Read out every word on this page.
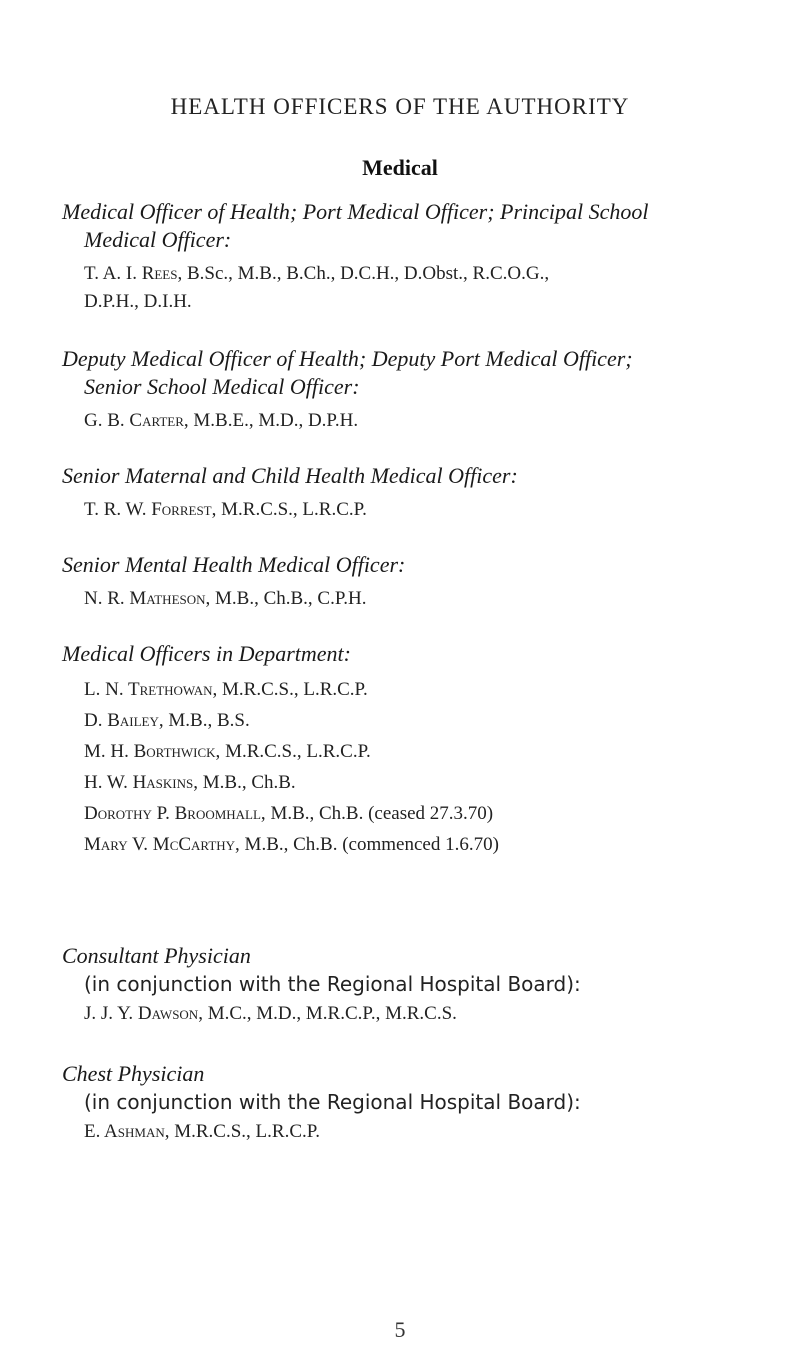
HEALTH OFFICERS OF THE AUTHORITY
Medical
Medical Officer of Health; Port Medical Officer; Principal School
Medical Officer:
T. A. I. Rees, B.Sc., M.B., B.Ch., D.C.H., D.Obst., R.C.O.G.,
D.P.H., D.I.H.
Deputy Medical Officer of Health; Deputy Port Medical Officer;
Senior School Medical Officer:
G. B. Carter, M.B.E., M.D., D.P.H.
Senior Maternal and Child Health Medical Officer:
T. R. W. Forrest, M.R.C.S., L.R.C.P.
Senior Mental Health Medical Officer:
N. R. Matheson, M.B., Ch.B., C.P.H.
Medical Officers in Department:
L. N. Trethowan, M.R.C.S., L.R.C.P.
D. Bailey, M.B., B.S.
M. H. Borthwick, M.R.C.S., L.R.C.P.
H. W. Haskins, M.B., Ch.B.
Dorothy P. Broomhall, M.B., Ch.B. (ceased 27.3.70)
Mary V. McCarthy, M.B., Ch.B. (commenced 1.6.70)
Consultant Physician
(in conjunction with the Regional Hospital Board):
J. J. Y. Dawson, M.C., M.D., M.R.C.P., M.R.C.S.
Chest Physician
(in conjunction with the Regional Hospital Board):
E. Ashman, M.R.C.S., L.R.C.P.
5
